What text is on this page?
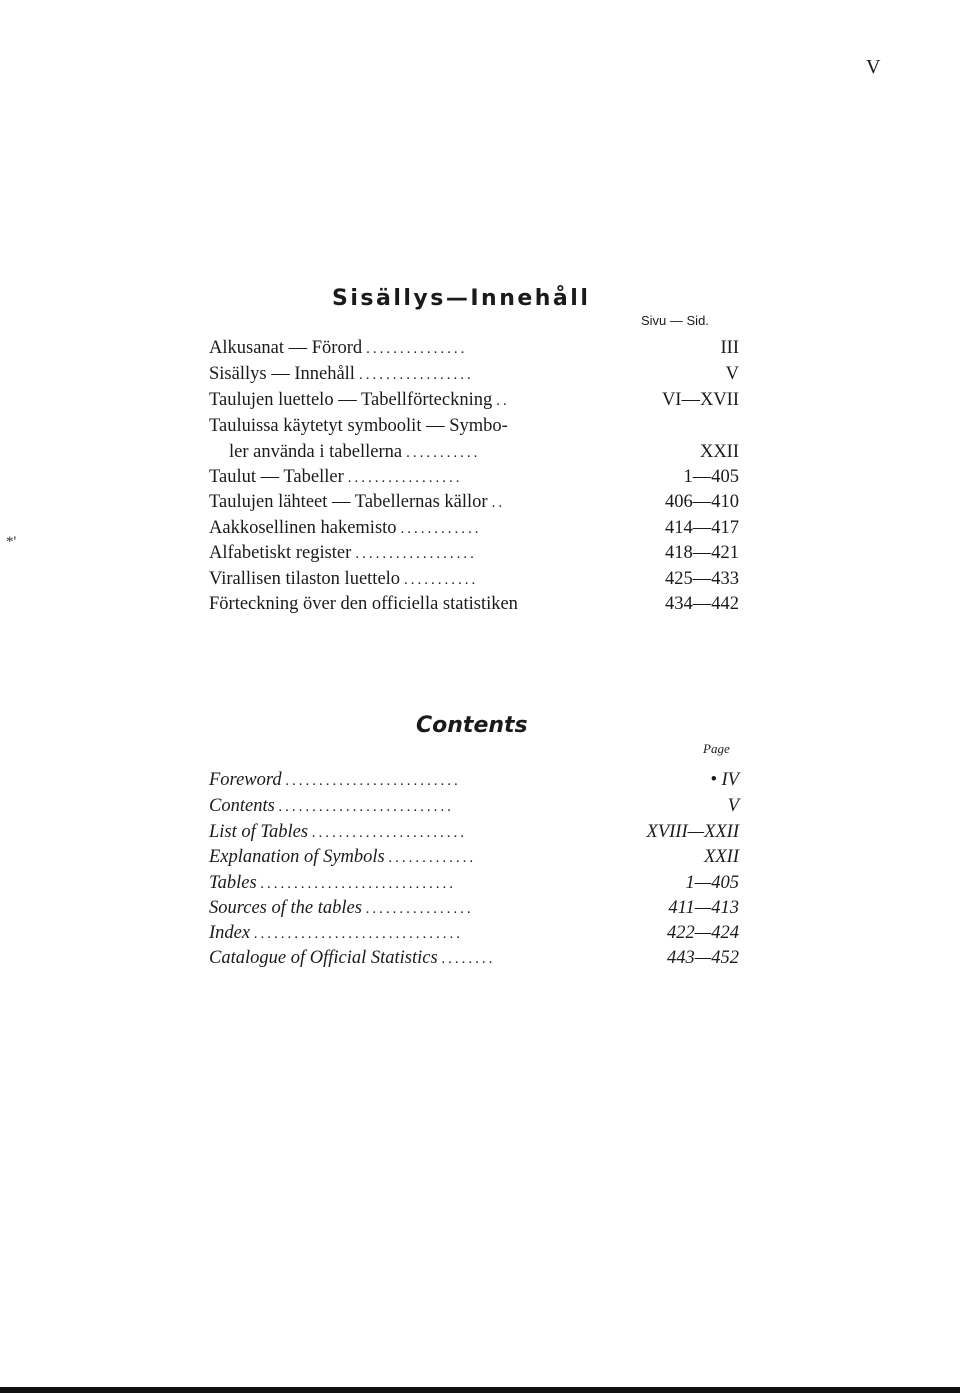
V
*'
Sisällys—Innehåll
Sivu — Sid.
Alkusanat — Förord ...............	III
Sisällys — Innehåll .................	V
Taulujen luettelo — Tabellförteckning ..	VI—XVII
Tauluissa käytetyt symboolit — Symbo-
ler använda i tabellerna ...........	XXII
Taulut — Tabeller .................	1—405
Taulujen lähteet — Tabellernas källor ..	406—410
Aakkosellinen hakemisto ............	414—417
Alfabetiskt register ..................	418—421
Virallisen tilaston luettelo ...........	425—433
Förteckning över den officiella statistiken	434—442
Contents
Page
Foreword ..........................	• IV
Contents ..........................	V
List of Tables .......................	XVIII—XXII
Explanation of Symbols .............	XXII
Tables .............................	1—405
Sources of the tables ................	411—413
Index ...............................	422—424
Catalogue of Official Statistics ........	443—452
